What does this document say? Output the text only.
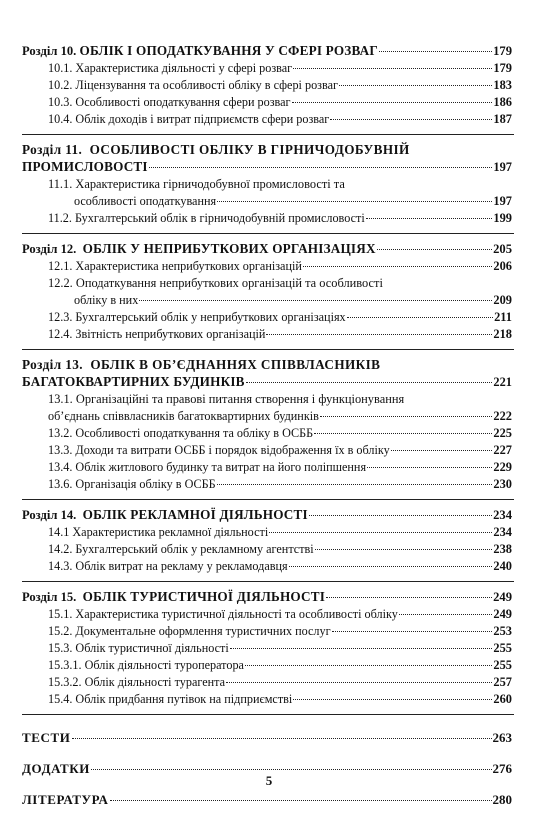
Розділ 10. ОБЛІК І ОПОДАТКУВАННЯ У СФЕРІ РОЗВАГ	179
10.1. Характеристика діяльності у сфері розваг	179
10.2. Ліцензування та особливості обліку в сфері розваг	183
10.3. Особливості оподаткування сфери розваг	186
10.4. Облік доходів і витрат підприємств сфери розваг	187
Розділ 11. ОСОБЛИВОСТІ ОБЛІКУ В ГІРНИЧОДОБУВНІЙ
ПРОМИСЛОВОСТІ	197
11.1. Характеристика гірничодобувної промисловості та
особливості оподаткування	197
11.2. Бухгалтерський облік в гірничодобувній промисловості	199
Розділ 12. ОБЛІК У НЕПРИБУТКОВИХ ОРГАНІЗАЦІЯХ	205
12.1. Характеристика неприбуткових організацій	206
12.2. Оподаткування неприбуткових організацій та особливості
обліку в них	209
12.3. Бухгалтерський облік у неприбуткових організаціях	211
12.4. Звітність неприбуткових організацій	218
Розділ 13. ОБЛІК В ОБ’ЄДНАННЯХ СПІВВЛАСНИКІВ
БАГАТОКВАРТИРНИХ БУДИНКІВ	221
13.1. Організаційні та правові питання створення і функціонування
об’єднань співвласників багатоквартирних будинків	222
13.2. Особливості оподаткування та обліку в ОСББ	225
13.3. Доходи та витрати ОСББ і порядок відображення їх в обліку	227
13.4. Облік житлового будинку та витрат на його поліпшення	229
13.6. Організація обліку в ОСББ	230
Розділ 14. ОБЛІК РЕКЛАМНОЇ ДІЯЛЬНОСТІ	234
14.1 Характеристика рекламної діяльності	234
14.2. Бухгалтерський облік у рекламному агентстві	238
14.3. Облік витрат на рекламу у рекламодавця	240
Розділ 15. ОБЛІК ТУРИСТИЧНОЇ ДІЯЛЬНОСТІ	249
15.1. Характеристика туристичної діяльності та особливості обліку	249
15.2. Документальне оформлення туристичних послуг	253
15.3. Облік туристичної діяльності	255
15.3.1. Облік діяльності туроператора	255
15.3.2. Облік діяльності турагента	257
15.4. Облік придбання путівок на підприємстві	260
ТЕСТИ	263
ДОДАТКИ	276
ЛІТЕРАТУРА	280
5
